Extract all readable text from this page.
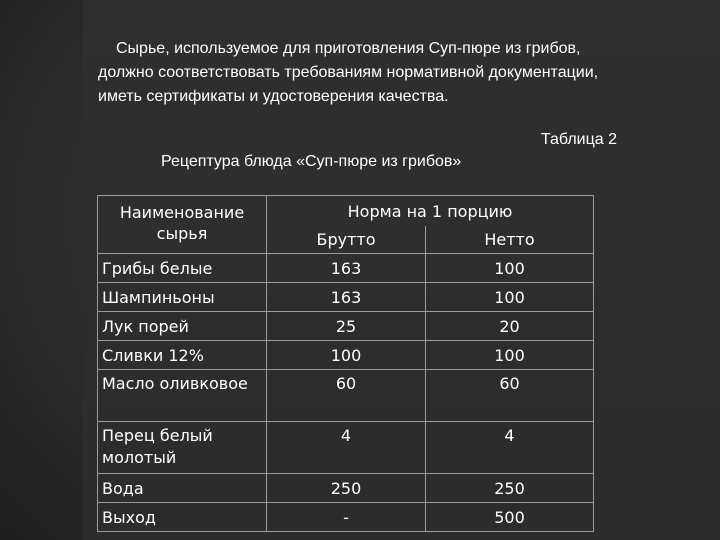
Сырье, используемое для приготовления Суп-пюре из грибов, должно соответствовать требованиям нормативной документации, иметь сертификаты и удостоверения качества.

Таблица 2
Рецептура блюда «Суп-пюре из грибов»
Наименование сырья	Норма на 1 порцию	
	Брутто	Нетто
Грибы белые	163	100
Шампиньоны	163	100
Лук порей	25	20
Сливки 12%	100	100
Масло оливковое	60	60
Перец белый молотый	4	4
Вода	250	250
Выход	-	500
